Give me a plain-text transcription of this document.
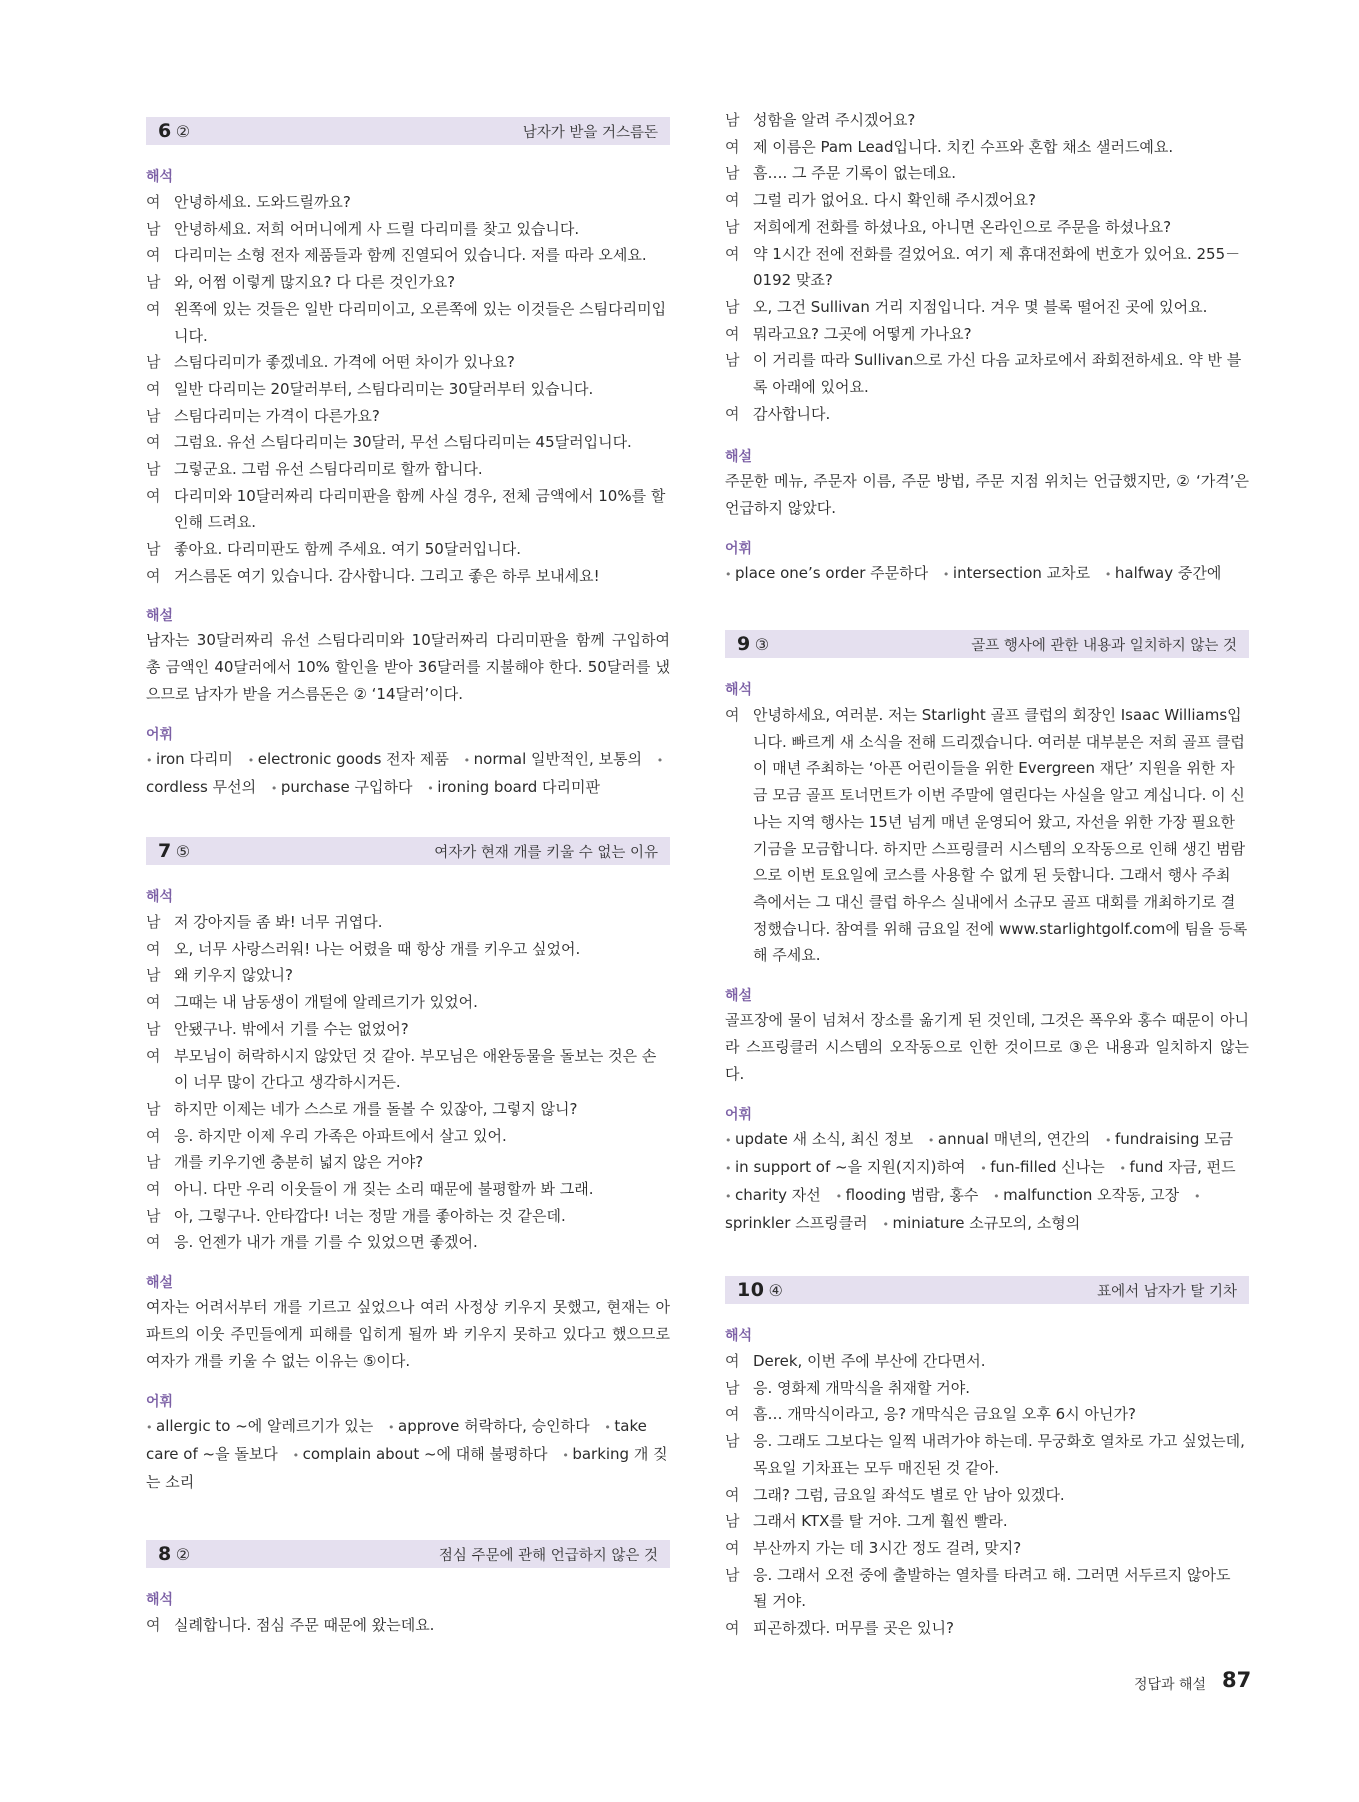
6 ②	남자가 받을 거스름돈
해석
여 안녕하세요. 도와드릴까요?
남 안녕하세요. 저희 어머니에게 사 드릴 다리미를 찾고 있습니다.
여 다리미는 소형 전자 제품들과 함께 진열되어 있습니다. 저를 따라 오세요.
남 와, 어쩜 이렇게 많지요? 다 다른 것인가요?
여 왼쪽에 있는 것들은 일반 다리미이고, 오른쪽에 있는 이것들은 스팀다리미입니다.
남 스팀다리미가 좋겠네요. 가격에 어떤 차이가 있나요?
여 일반 다리미는 20달러부터, 스팀다리미는 30달러부터 있습니다.
남 스팀다리미는 가격이 다른가요?
여 그럼요. 유선 스팀다리미는 30달러, 무선 스팀다리미는 45달러입니다.
남 그렇군요. 그럼 유선 스팀다리미로 할까 합니다.
여 다리미와 10달러짜리 다리미판을 함께 사실 경우, 전체 금액에서 10%를 할인해 드려요.
남 좋아요. 다리미판도 함께 주세요. 여기 50달러입니다.
여 거스름돈 여기 있습니다. 감사합니다. 그리고 좋은 하루 보내세요!
해설
남자는 30달러짜리 유선 스팀다리미와 10달러짜리 다리미판을 함께 구입하여 총 금액인 40달러에서 10% 할인을 받아 36달러를 지불해야 한다. 50달러를 냈으므로 남자가 받을 거스름돈은 ② ‘14달러’이다.
어휘
• iron 다리미 • electronic goods 전자 제품 • normal 일반적인, 보통의 • cordless 무선의 • purchase 구입하다 • ironing board 다리미판
7 ⑤	여자가 현재 개를 키울 수 없는 이유
해석
남 저 강아지들 좀 봐! 너무 귀엽다.
여 오, 너무 사랑스러워! 나는 어렸을 때 항상 개를 키우고 싶었어.
남 왜 키우지 않았니?
여 그때는 내 남동생이 개털에 알레르기가 있었어.
남 안됐구나. 밖에서 기를 수는 없었어?
여 부모님이 허락하시지 않았던 것 같아. 부모님은 애완동물을 돌보는 것은 손이 너무 많이 간다고 생각하시거든.
남 하지만 이제는 네가 스스로 개를 돌볼 수 있잖아, 그렇지 않니?
여 응. 하지만 이제 우리 가족은 아파트에서 살고 있어.
남 개를 키우기엔 충분히 넓지 않은 거야?
여 아니. 다만 우리 이웃들이 개 짖는 소리 때문에 불평할까 봐 그래.
남 아, 그렇구나. 안타깝다! 너는 정말 개를 좋아하는 것 같은데.
여 응. 언젠가 내가 개를 기를 수 있었으면 좋겠어.
해설
여자는 어려서부터 개를 기르고 싶었으나 여러 사정상 키우지 못했고, 현재는 아파트의 이웃 주민들에게 피해를 입히게 될까 봐 키우지 못하고 있다고 했으므로 여자가 개를 키울 수 없는 이유는 ⑤이다.
어휘
• allergic to ~에 알레르기가 있는 • approve 허락하다, 승인하다 • take care of ~을 돌보다 • complain about ~에 대해 불평하다 • barking 개 짖는 소리
8 ②	점심 주문에 관해 언급하지 않은 것
해석
여 실례합니다. 점심 주문 때문에 왔는데요.
남 성함을 알려 주시겠어요?
여 제 이름은 Pam Lead입니다. 치킨 수프와 혼합 채소 샐러드예요.
남 흠…. 그 주문 기록이 없는데요.
여 그럴 리가 없어요. 다시 확인해 주시겠어요?
남 저희에게 전화를 하셨나요, 아니면 온라인으로 주문을 하셨나요?
여 약 1시간 전에 전화를 걸었어요. 여기 제 휴대전화에 번호가 있어요. 255－0192 맞죠?
남 오, 그건 Sullivan 거리 지점입니다. 겨우 몇 블록 떨어진 곳에 있어요.
여 뭐라고요? 그곳에 어떻게 가나요?
남 이 거리를 따라 Sullivan으로 가신 다음 교차로에서 좌회전하세요. 약 반 블록 아래에 있어요.
여 감사합니다.
해설
주문한 메뉴, 주문자 이름, 주문 방법, 주문 지점 위치는 언급했지만, ② ‘가격’은 언급하지 않았다.
어휘
• place one’s order 주문하다 • intersection 교차로 • halfway 중간에
9 ③	골프 행사에 관한 내용과 일치하지 않는 것
해석
여 안녕하세요, 여러분. 저는 Starlight 골프 클럽의 회장인 Isaac Williams입니다. 빠르게 새 소식을 전해 드리겠습니다. 여러분 대부분은 저희 골프 클럽이 매년 주최하는 ‘아픈 어린이들을 위한 Evergreen 재단’ 지원을 위한 자금 모금 골프 토너먼트가 이번 주말에 열린다는 사실을 알고 계십니다. 이 신나는 지역 행사는 15년 넘게 매년 운영되어 왔고, 자선을 위한 가장 필요한 기금을 모금합니다. 하지만 스프링클러 시스템의 오작동으로 인해 생긴 범람으로 이번 토요일에 코스를 사용할 수 없게 된 듯합니다. 그래서 행사 주최 측에서는 그 대신 클럽 하우스 실내에서 소규모 골프 대회를 개최하기로 결정했습니다. 참여를 위해 금요일 전에 www.starlightgolf.com에 팀을 등록해 주세요.
해설
골프장에 물이 넘쳐서 장소를 옮기게 된 것인데, 그것은 폭우와 홍수 때문이 아니라 스프링클러 시스템의 오작동으로 인한 것이므로 ③은 내용과 일치하지 않는다.
어휘
• update 새 소식, 최신 정보 • annual 매년의, 연간의 • fundraising 모금 • in support of ~을 지원(지지)하여 • fun-filled 신나는 • fund 자금, 펀드 • charity 자선 • flooding 범람, 홍수 • malfunction 오작동, 고장 • sprinkler 스프링클러 • miniature 소규모의, 소형의
10 ④	표에서 남자가 탈 기차
해석
여 Derek, 이번 주에 부산에 간다면서.
남 응. 영화제 개막식을 취재할 거야.
여 흠… 개막식이라고, 응? 개막식은 금요일 오후 6시 아닌가?
남 응. 그래도 그보다는 일찍 내려가야 하는데. 무궁화호 열차로 가고 싶었는데, 목요일 기차표는 모두 매진된 것 같아.
여 그래? 그럼, 금요일 좌석도 별로 안 남아 있겠다.
남 그래서 KTX를 탈 거야. 그게 훨씬 빨라.
여 부산까지 가는 데 3시간 정도 걸려, 맞지?
남 응. 그래서 오전 중에 출발하는 열차를 타려고 해. 그러면 서두르지 않아도 될 거야.
여 피곤하겠다. 머무를 곳은 있니?
정답과 해설 87
